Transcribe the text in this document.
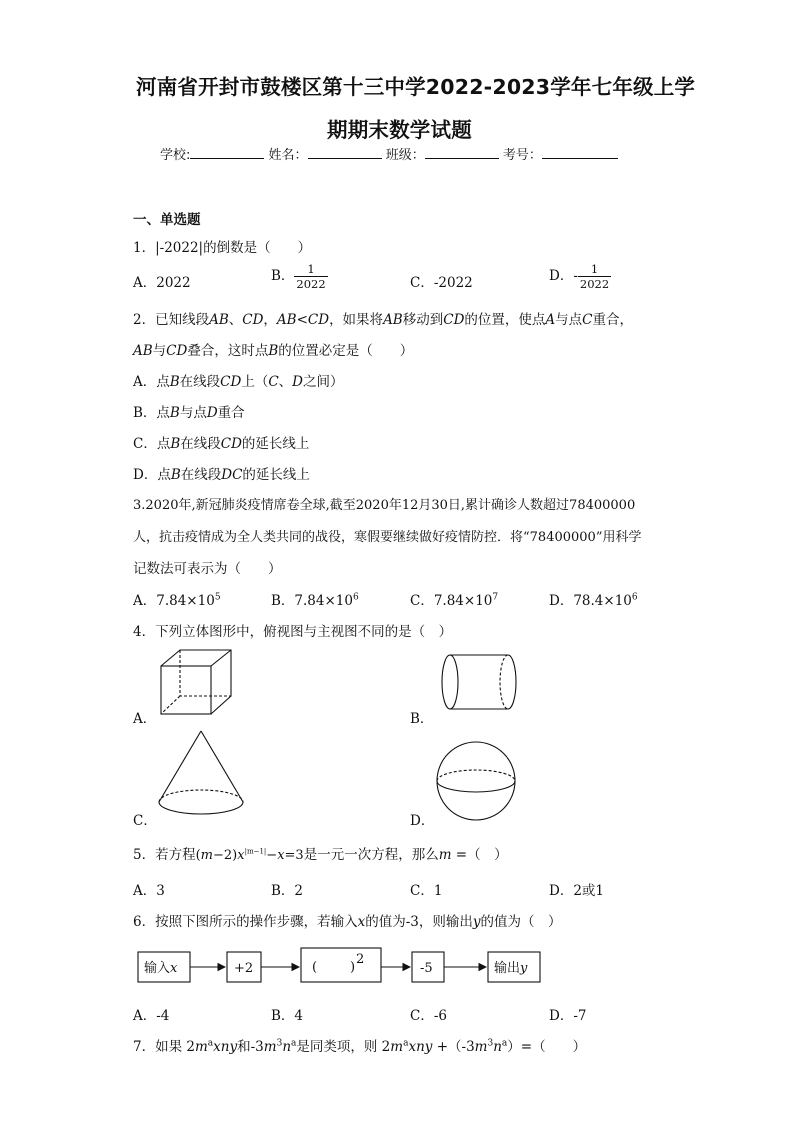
河南省开封市鼓楼区第十三中学2022-2023学年七年级上学
期期末数学试题
学校:	姓名：	班级：	考号：
一、单选题
1．|-2022|的倒数是（　　）
A．2022	B． $\frac{1}{2022}$	C．-2022	D．- $\frac{1}{2022}$
2．已知线段AB、CD，AB<CD，如果将AB移动到CD的位置，使点A与点C重合，
AB与CD叠合，这时点B的位置必定是（　　）
A．点B在线段CD上（C、D之间）
B．点B与点D重合
C．点B在线段CD的延长线上
D．点B在线段DC的延长线上
3.2020年,新冠肺炎疫情席卷全球,截至2020年12月30日,累计确诊人数超过78400000
人，抗击疫情成为全人类共同的战役，寒假要继续做好疫情防控．将“78400000”用科学
记数法可表示为（　　）
A．$7.84\times 10^5$	B．$7.84\times 10^6$	C．$7.84\times 10^7$	D．$78.4\times 10^6$
4．下列立体图形中，俯视图与主视图不同的是（　）
A．	B．
C．	D．
5．若方程$(m-2)x^{|m-1|}-x=3$是一元一次方程，那么m =（　）
A．3	B．2	C．1	D．2或1
6．按照下图所示的操作步骤，若输入x的值为-3，则输出y的值为（　）
输入x	+2	(	)
2
-5	输出y
A．-4	B．4	C．-6	D．-7
7．如果 $2m^axny$和$-3m^3n^a$是同类项，则 $2m^axny +(-3m^3n^a)=$（　　）
